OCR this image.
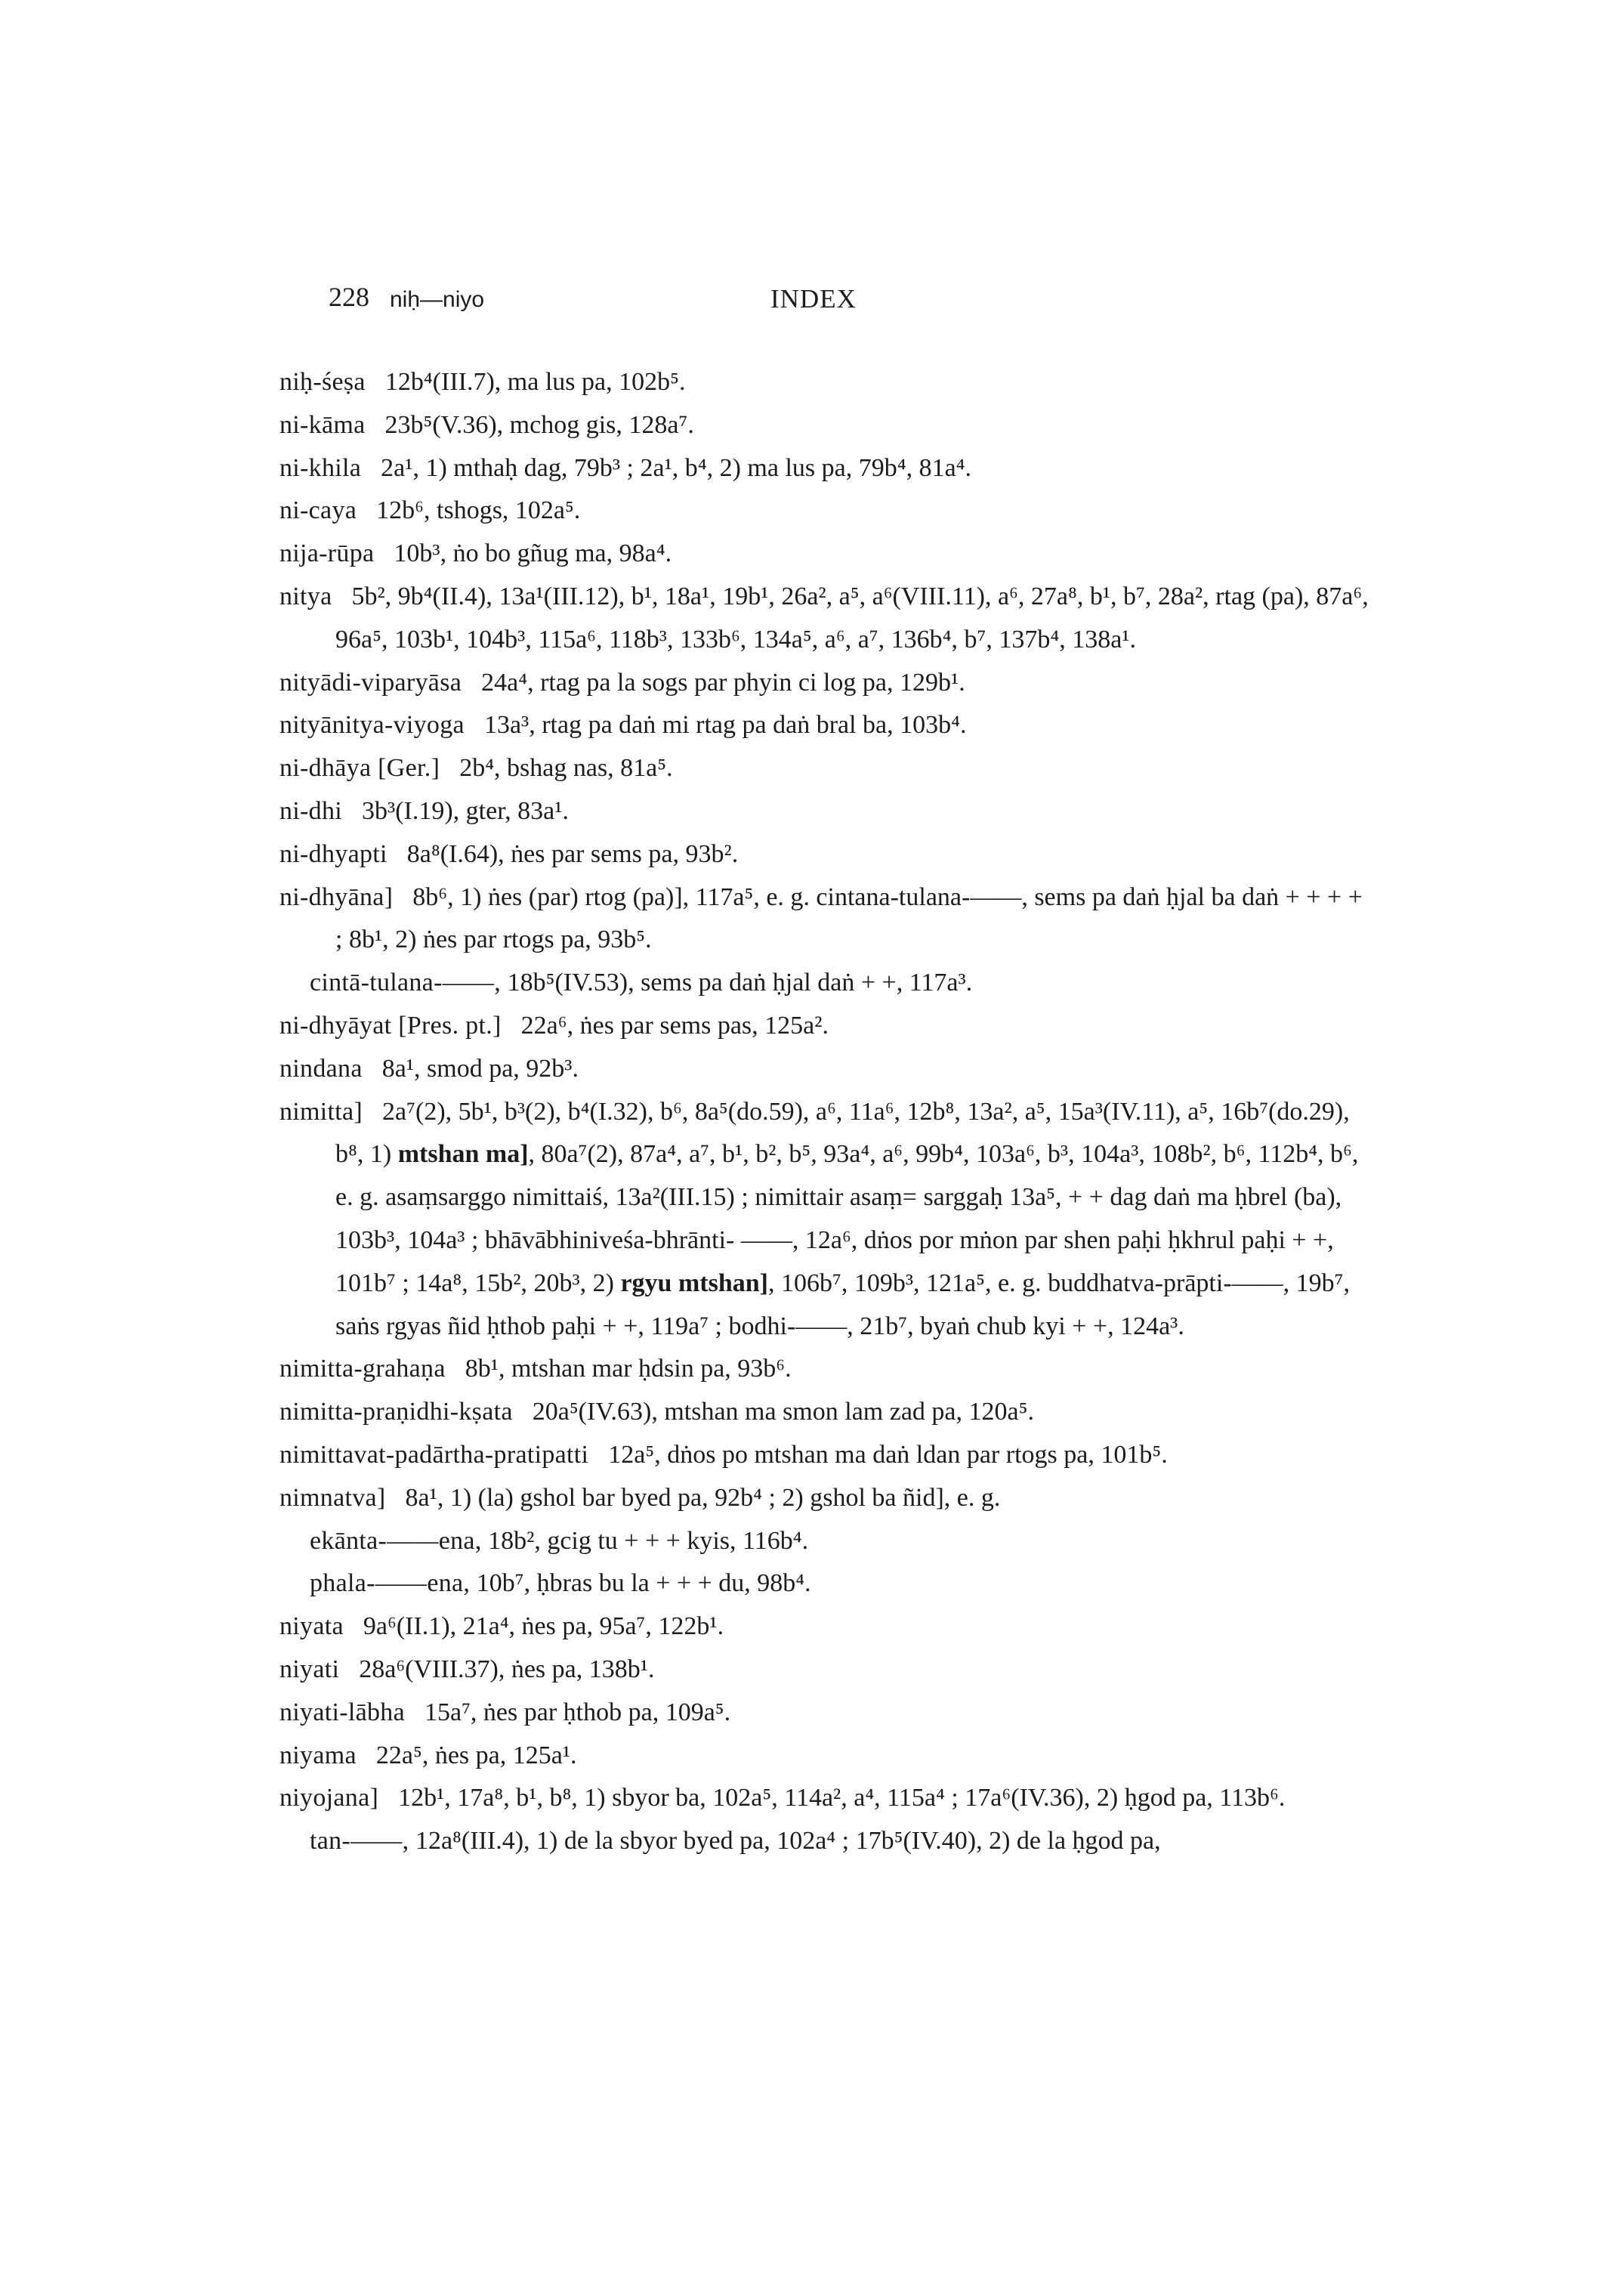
228 niḥ—niyo	INDEX

niḥ-śeṣa 12b⁴(III.7), ma lus pa, 102b⁵.

ni-kāma 23b⁵(V.36), mchog gis, 128a⁷.

ni-khila 2a¹, 1) mthaḥ dag, 79b³ ; 2a¹, b⁴, 2) ma lus pa, 79b⁴, 81a⁴.

ni-caya 12b⁶, tshogs, 102a⁵.

nija-rūpa 10b³, ṅo bo gñug ma, 98a⁴.

nitya 5b², 9b⁴(II.4), 13a¹(III.12), b¹, 18a¹, 19b¹, 26a², a⁵, a⁶(VIII.11), a⁶, 27a⁸, b¹, b⁷, 28a², rtag (pa), 87a⁶, 96a⁵, 103b¹, 104b³, 115a⁶, 118b³, 133b⁶, 134a⁵, a⁶, a⁷, 136b⁴, b⁷, 137b⁴, 138a¹.

nityādi-viparyāsa 24a⁴, rtag pa la sogs par phyin ci log pa, 129b¹.

nityānitya-viyoga 13a³, rtag pa daṅ mi rtag pa daṅ bral ba, 103b⁴.

ni-dhāya [Ger.] 2b⁴, bshag nas, 81a⁵.

ni-dhi 3b³(I.19), gter, 83a¹.

ni-dhyapti 8a⁸(I.64), ṅes par sems pa, 93b².

ni-dhyāna] 8b⁶, 1) ṅes (par) rtog (pa)], 117a⁵, e. g. cintana-tulana-——, sems pa daṅ ḥjal ba daṅ + + + + ; 8b¹, 2) ṅes par rtogs pa, 93b⁵.

cintā-tulana-——, 18b⁵(IV.53), sems pa daṅ ḥjal daṅ + +, 117a³.

ni-dhyāyat [Pres. pt.] 22a⁶, ṅes par sems pas, 125a².

nindana 8a¹, smod pa, 92b³.

nimitta] 2a⁷(2), 5b¹, b³(2), b⁴(I.32), b⁶, 8a⁵(do.59), a⁶, 11a⁶, 12b⁸, 13a², a⁵, 15a³(IV.11), a⁵, 16b⁷(do.29), b⁸, 1) mtshan ma], 80a⁷(2), 87a⁴, a⁷, b¹, b², b⁵, 93a⁴, a⁶, 99b⁴, 103a⁶, b³, 104a³, 108b², b⁶, 112b⁴, b⁶, e. g. asaṃsarggo nimittaiś, 13a²(III.15) ; nimittair asaṃ= sarggaḥ 13a⁵, + + dag daṅ ma ḥbrel (ba), 103b³, 104a³ ; bhāvābhiniveśa-bhrānti- ——, 12a⁶, dṅos por mṅon par shen paḥi ḥkhrul paḥi + +, 101b⁷ ; 14a⁸, 15b², 20b³, 2) rgyu mtshan], 106b⁷, 109b³, 121a⁵, e. g. buddhatva-prāpti-——, 19b⁷, saṅs rgyas ñid ḥthob paḥi + +, 119a⁷ ; bodhi-——, 21b⁷, byaṅ chub kyi + +, 124a³.

nimitta-grahaṇa 8b¹, mtshan mar ḥdsin pa, 93b⁶.

nimitta-praṇidhi-kṣata 20a⁵(IV.63), mtshan ma smon lam zad pa, 120a⁵.

nimittavat-padārtha-pratipatti 12a⁵, dṅos po mtshan ma daṅ ldan par rtogs pa, 101b⁵.

nimnatva] 8a¹, 1) (la) gshol bar byed pa, 92b⁴ ; 2) gshol ba ñid], e. g.

ekānta-——ena, 18b², gcig tu + + + kyis, 116b⁴.

phala-——ena, 10b⁷, ḥbras bu la + + + du, 98b⁴.

niyata 9a⁶(II.1), 21a⁴, ṅes pa, 95a⁷, 122b¹.

niyati 28a⁶(VIII.37), ṅes pa, 138b¹.

niyati-lābha 15a⁷, ṅes par ḥthob pa, 109a⁵.

niyama 22a⁵, ṅes pa, 125a¹.

niyojana] 12b¹, 17a⁸, b¹, b⁸, 1) sbyor ba, 102a⁵, 114a², a⁴, 115a⁴ ; 17a⁶(IV.36), 2) ḥgod pa, 113b⁶.

tan-——, 12a⁸(III.4), 1) de la sbyor byed pa, 102a⁴ ; 17b⁵(IV.40), 2) de la ḥgod pa,
